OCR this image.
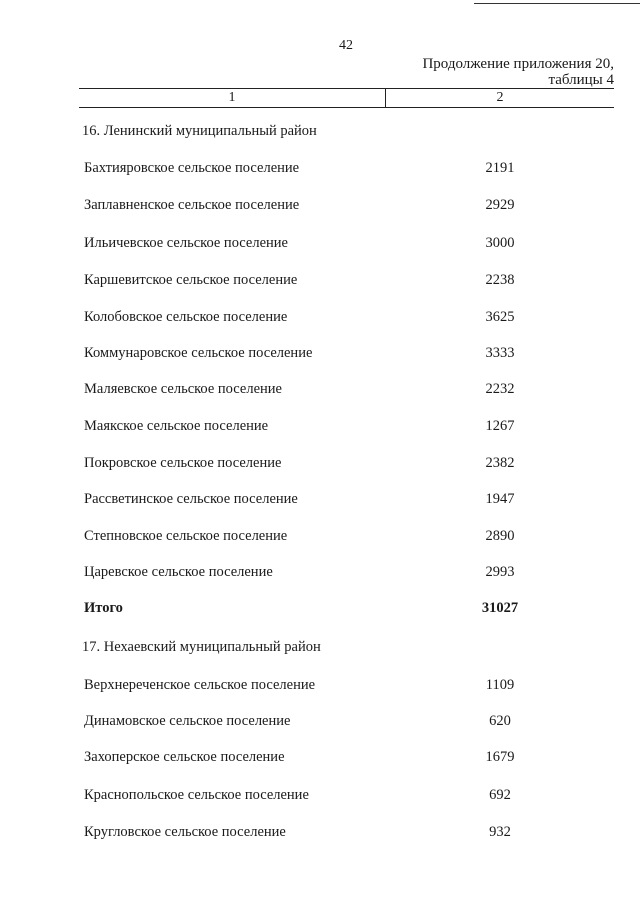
42
Продолжение приложения 20,
таблицы 4
1	2
16. Ленинский муниципальный район
Бахтияровское сельское поселение	2191
Заплавненское сельское поселение	2929
Ильичевское сельское поселение	3000
Каршевитское сельское поселение	2238
Колобовское сельское поселение	3625
Коммунаровское сельское поселение	3333
Маляевское сельское поселение	2232
Маякское сельское поселение	1267
Покровское сельское поселение	2382
Рассветинское сельское поселение	1947
Степновское сельское поселение	2890
Царевское сельское поселение	2993
Итого	31027
17. Нехаевский муниципальный район
Верхнереченское сельское поселение	1109
Динамовское сельское поселение	620
Захоперское сельское поселение	1679
Краснопольское сельское поселение	692
Кругловское сельское поселение	932
